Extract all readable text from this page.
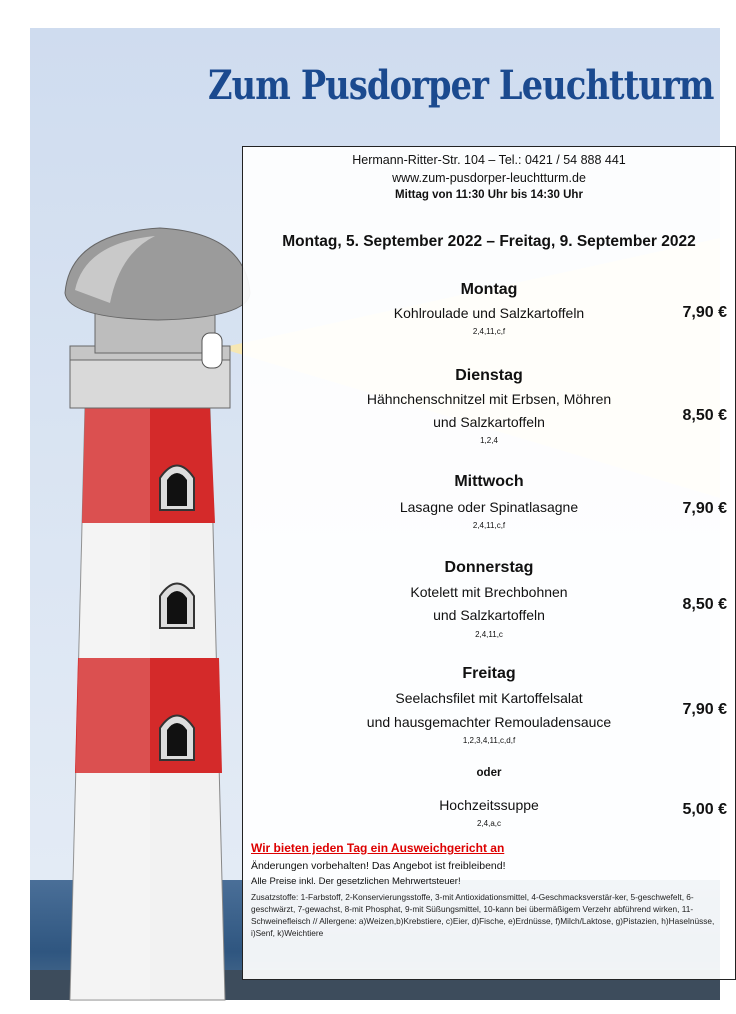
Zum Pusdorper Leuchtturm
Hermann-Ritter-Str. 104 – Tel.: 0421 / 54 888 441
www.zum-pusdorper-leuchtturm.de
Mittag von 11:30 Uhr bis 14:30 Uhr
Montag, 5. September 2022 – Freitag, 9. September 2022
Montag
Kohlroulade und Salzkartoffeln
2,4,11,c,f
7,90 €
Dienstag
Hähnchenschnitzel mit Erbsen, Möhren
und Salzkartoffeln
1,2,4
8,50 €
Mittwoch
Lasagne oder Spinatlasagne
2,4,11,c,f
7,90 €
Donnerstag
Kotelett mit Brechbohnen
und Salzkartoffeln
2,4,11,c
8,50 €
Freitag
Seelachsfilet mit Kartoffelsalat
und hausgemachter Remouladensauce
1,2,3,4,11,c,d,f
7,90 €
oder
Hochzeitssuppe
2,4,a,c
5,00 €
Wir bieten jeden Tag ein Ausweichgericht an
Änderungen vorbehalten! Das Angebot ist freibleibend!
Alle Preise inkl. Der gesetzlichen Mehrwertsteuer!
Zusatzstoffe: 1-Farbstoff, 2-Konservierungsstoffe, 3-mit Antioxidationsmittel, 4-Geschmacksverstär-ker, 5-geschwefelt, 6-geschwärzt, 7-gewachst, 8-mit Phosphat, 9-mit Süßungsmittel, 10-kann bei übermäßigem Verzehr abführend wirken, 11-Schweinefleisch // Allergene: a)Weizen,b)Krebstiere, c)Eier, d)Fische, e)Erdnüsse, f)Milch/Laktose, g)Pistazien, h)Haselnüsse, i)Senf, k)Weichtiere
